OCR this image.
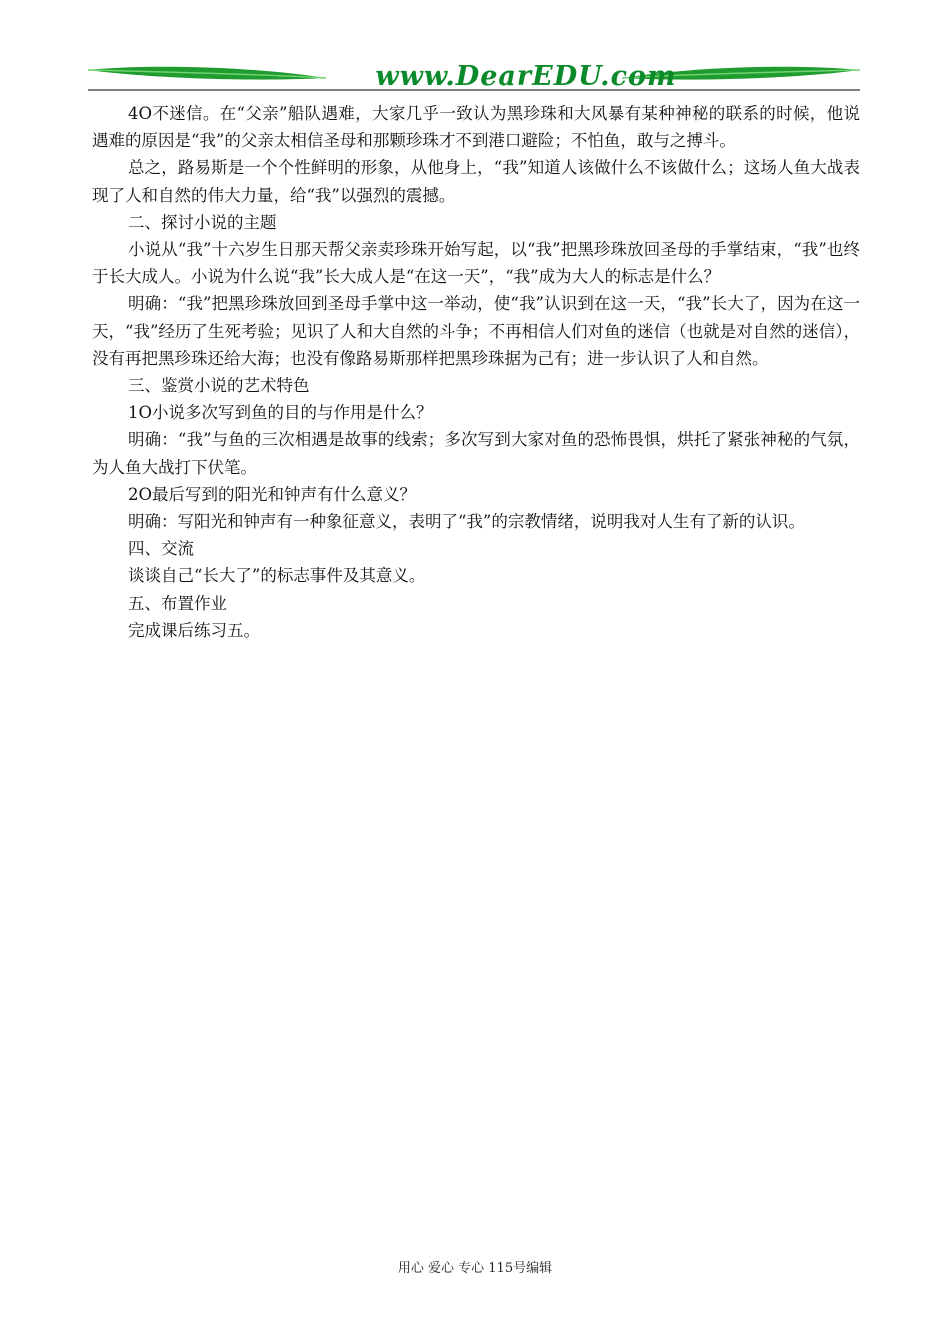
www.DearEDU.com

4О不迷信。在“父亲”船队遇难，大家几乎一致认为黑珍珠和大风暴有某种神秘的联系的时候，他说遇难的原因是“我”的父亲太相信圣母和那颗珍珠才不到港口避险；不怕鱼，敢与之搏斗。

总之，路易斯是一个个性鲜明的形象，从他身上，“我”知道人该做什么不该做什么；这场人鱼大战表现了人和自然的伟大力量，给“我”以强烈的震撼。

二、探讨小说的主题

小说从“我”十六岁生日那天帮父亲卖珍珠开始写起，以“我”把黑珍珠放回圣母的手掌结束，“我”也终于长大成人。小说为什么说“我”长大成人是“在这一天”，“我”成为大人的标志是什么？

明确：“我”把黑珍珠放回到圣母手掌中这一举动，使“我”认识到在这一天，“我”长大了，因为在这一天，“我”经历了生死考验；见识了人和大自然的斗争；不再相信人们对鱼的迷信（也就是对自然的迷信），没有再把黑珍珠还给大海；也没有像路易斯那样把黑珍珠据为己有；进一步认识了人和自然。

三、鉴赏小说的艺术特色

1О小说多次写到鱼的目的与作用是什么？

明确：“我”与鱼的三次相遇是故事的线索；多次写到大家对鱼的恐怖畏惧，烘托了紧张神秘的气氛，为人鱼大战打下伏笔。

2О最后写到的阳光和钟声有什么意义？

明确：写阳光和钟声有一种象征意义，表明了“我”的宗教情绪，说明我对人生有了新的认识。

四、交流

谈谈自己“长大了”的标志事件及其意义。

五、布置作业

完成课后练习五。

用心 爱心 专心 115号编辑
